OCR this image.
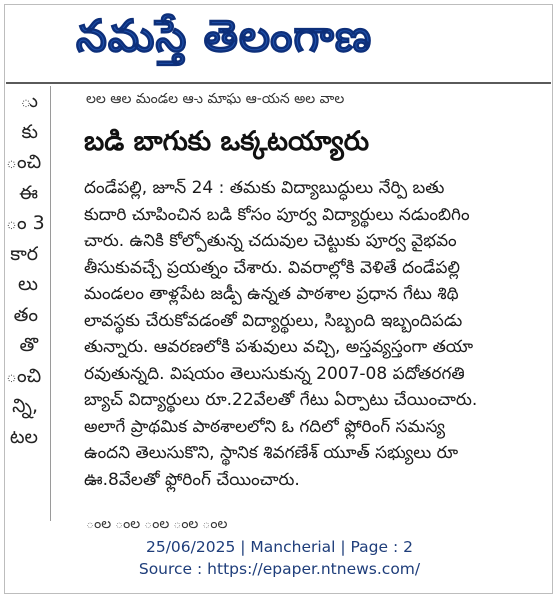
నమస్తే తెలంగాణ
ు
కు
ంచి
ఈ
ం 3
కార
లు
తం
తొ
ంచి
న్ని,
టల
లల ఆల మండల ఆ-ు మాఘ ఆ-యన అల వాల
బడి బాగుకు ఒక్కటయ్యారు
దండేపల్లి, జూన్ 24 : తమకు విద్యాబుద్ధులు నేర్పి బతు
కుదారి చూపించిన బడి కోసం పూర్వ విద్యార్థులు నడుంబిగిం
చారు. ఉనికి కోల్పోతున్న చదువుల చెట్టుకు పూర్వ వైభవం
తీసుకువచ్చే ప్రయత్నం చేశారు. వివరాల్లోకి వెళితే దండేపల్లి
మండలం తాళ్లపేట జడ్పీ ఉన్నత పాఠశాల ప్రధాన గేటు శిథి
లావస్థకు చేరుకోవడంతో విద్యార్థులు, సిబ్బంది ఇబ్బందిపడు
తున్నారు. ఆవరణలోకి పశువులు వచ్చి, అస్తవ్యస్తంగా తయా
రవుతున్నది. విషయం తెలుసుకున్న 2007-08 పదోతరగతి
బ్యాచ్ విద్యార్థులు రూ.22వేలతో గేటు ఏర్పాటు చేయించారు.
అలాగే ప్రాథమిక పాఠశాలలోని ఓ గదిలో ఫ్లోరింగ్ సమస్య
ఉందని తెలుసుకొని, స్థానిక శివగణేశ్ యూత్ సభ్యులు రూ
ఊ.8వేలతో ఫ్లోరింగ్ చేయించారు.
ంల ంల ంల ంల ంల
25/06/2025 | Mancherial | Page : 2
Source : https://epaper.ntnews.com/
